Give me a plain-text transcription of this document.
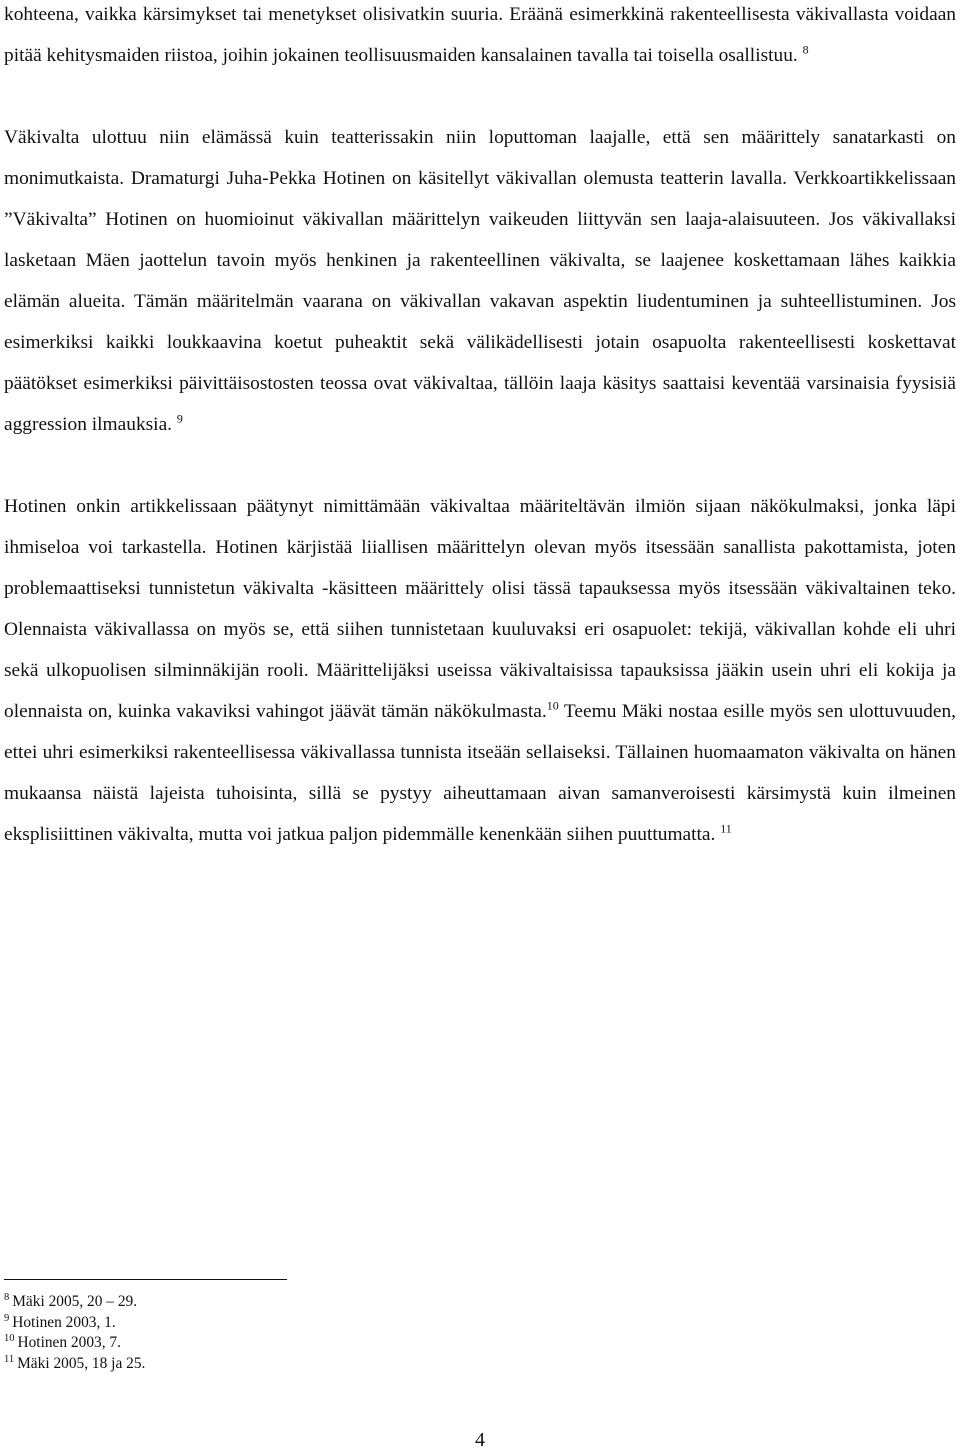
kohteena, vaikka kärsimykset tai menetykset olisivatkin suuria. Eräänä esimerkkinä rakenteellisesta väkivallasta voidaan pitää kehitysmaiden riistoa, joihin jokainen teollisuusmaiden kansalainen tavalla tai toisella osallistuu. $^8$

Väkivalta ulottuu niin elämässä kuin teatterissakin niin loputtoman laajalle, että sen määrittely sanatarkasti on monimutkaista. Dramaturgi Juha-Pekka Hotinen on käsitellyt väkivallan olemusta teatterin lavalla. Verkkoartikkelissaan ”Väkivalta” Hotinen on huomioinut väkivallan määrittelyn vaikeuden liittyvän sen laaja-alaisuuteen. Jos väkivallaksi lasketaan Mäen jaottelun tavoin myös henkinen ja rakenteellinen väkivalta, se laajenee koskettamaan lähes kaikkia elämän alueita. Tämän määritelmän vaarana on väkivallan vakavan aspektin liudentuminen ja suhteellistuminen. Jos esimerkiksi kaikki loukkaavina koetut puheaktit sekä välikädellisesti jotain osapuolta rakenteellisesti koskettavat päätökset esimerkiksi päivittäisostosten teossa ovat väkivaltaa, tällöin laaja käsitys saattaisi keventää varsinaisia fyysisiä aggression ilmauksia. $^9$

Hotinen onkin artikkelissaan päätynyt nimittämään väkivaltaa määriteltävän ilmiön sijaan näkökulmaksi, jonka läpi ihmiseloa voi tarkastella. Hotinen kärjistää liiallisen määrittelyn olevan myös itsessään sanallista pakottamista, joten problemaattiseksi tunnistetun väkivalta -käsitteen määrittely olisi tässä tapauksessa myös itsessään väkivaltainen teko. Olennaista väkivallassa on myös se, että siihen tunnistetaan kuuluvaksi eri osapuolet: tekijä, väkivallan kohde eli uhri sekä ulkopuolisen silminnäkijän rooli. Määrittelijäksi useissa väkivaltaisissa tapauksissa jääkin usein uhri eli kokija ja olennaista on, kuinka vakaviksi vahingot jäävät tämän näkökulmasta.$^{10}$ Teemu Mäki nostaa esille myös sen ulottuvuuden, ettei uhri esimerkiksi rakenteellisessa väkivallassa tunnista itseään sellaiseksi. Tällainen huomaamaton väkivalta on hänen mukaansa näistä lajeista tuhoisinta, sillä se pystyy aiheuttamaan aivan samanveroisesti kärsimystä kuin ilmeinen eksplisiittinen väkivalta, mutta voi jatkua paljon pidemmälle kenenkään siihen puuttumatta. $^{11}$

$^8$ Mäki 2005, 20 – 29.
$^9$ Hotinen 2003, 1.
$^{10}$ Hotinen 2003, 7.
$^{11}$ Mäki 2005, 18 ja 25.
4
